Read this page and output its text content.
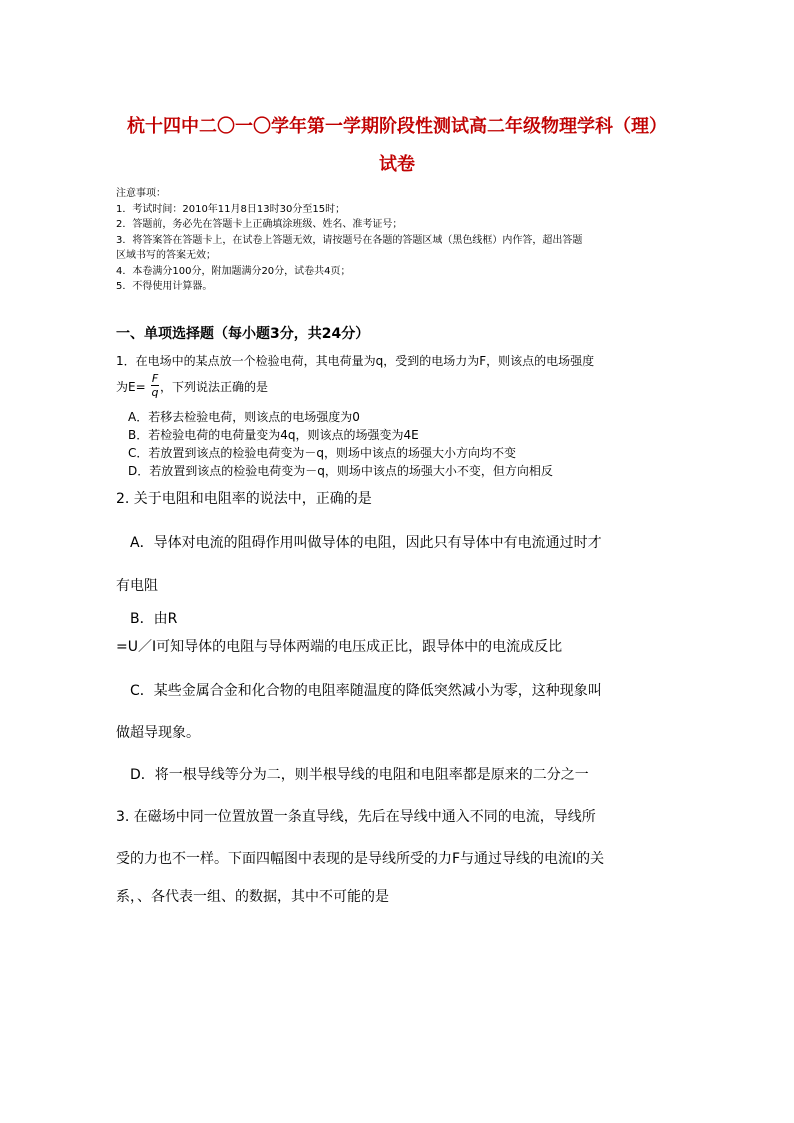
杭十四中二〇一〇学年第一学期阶段性测试高二年级物理学科（理）
试卷
注意事项：
1．考试时间：2010年11月8日13时30分至15时；
2．答题前，务必先在答题卡上正确填涂班级、姓名、准考证号；
3．将答案答在答题卡上，在试卷上答题无效，请按题号在各题的答题区域（黑色线框）内作答，超出答题
区域书写的答案无效；
4．本卷满分100分，附加题满分20分，试卷共4页；
5．不得使用计算器。
一、单项选择题（每小题3分，共24分）
1．在电场中的某点放一个检验电荷，其电荷量为q，受到的电场力为F，则该点的电场强度
为E= ，下列说法正确的是
F
q
A．若移去检验电荷，则该点的电场强度为0
B．若检验电荷的电荷量变为4q，则该点的场强变为4E
C．若放置到该点的检验电荷变为－q，则场中该点的场强大小方向均不变
D．若放置到该点的检验电荷变为－q，则场中该点的场强大小不变，但方向相反
2. 关于电阻和电阻率的说法中，正确的是
A．导体对电流的阻碍作用叫做导体的电阻，因此只有导体中有电流通过时才
有电阻
B．由R
=U／I可知导体的电阻与导体两端的电压成正比，跟导体中的电流成反比
C．某些金属合金和化合物的电阻率随温度的降低突然减小为零，这种现象叫
做超导现象。
D．将一根导线等分为二，则半根导线的电阻和电阻率都是原来的二分之一
3. 在磁场中同一位置放置一条直导线，先后在导线中通入不同的电流，导线所
受的力也不一样。下面四幅图中表现的是导线所受的力F与通过导线的电流I的关
系，、各代表一组、的数据，其中不可能的是
